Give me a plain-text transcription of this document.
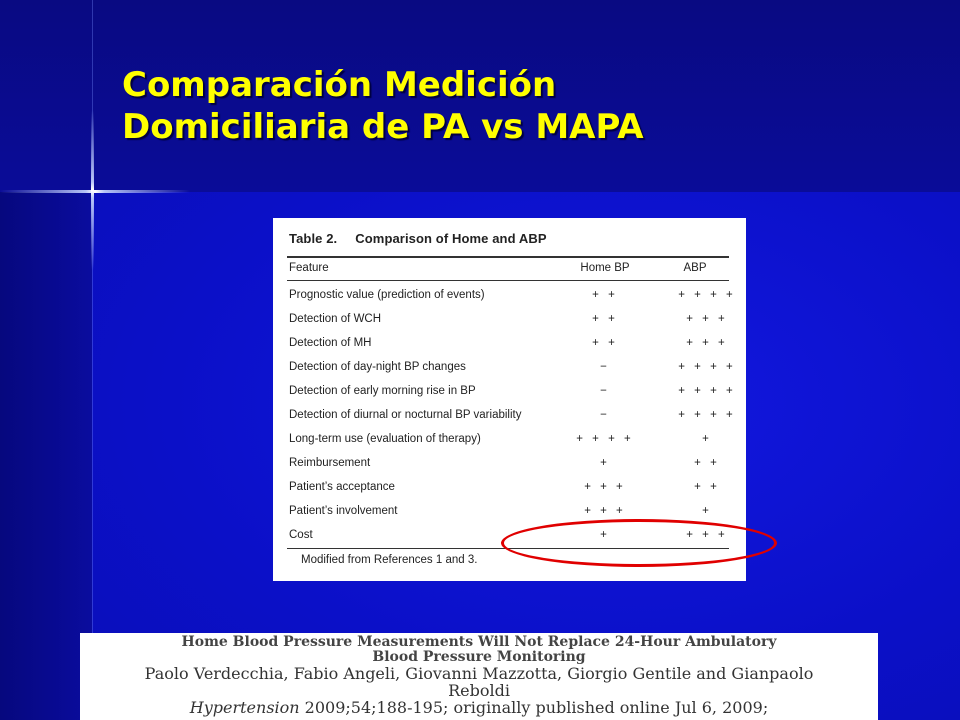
Comparación Medición
Domiciliaria de PA vs MAPA
Table 2. Comparison of Home and ABP
Feature	Home BP	ABP
Prognostic value (prediction of events)	+ +	+ + + +
Detection of WCH	+ +	+ + +
Detection of MH	+ +	+ + +
Detection of day-night BP changes	−	+ + + +
Detection of early morning rise in BP	−	+ + + +
Detection of diurnal or nocturnal BP variability	−	+ + + +
Long-term use (evaluation of therapy)	+ + + +	+
Reimbursement	+	+ +
Patient’s acceptance	+ + +	+ +
Patient’s involvement	+ + +	+
Cost	+	+ + +
Modified from References 1 and 3.
Home Blood Pressure Measurements Will Not Replace 24-Hour Ambulatory
Blood Pressure Monitoring
Paolo Verdecchia, Fabio Angeli, Giovanni Mazzotta, Giorgio Gentile and Gianpaolo
Reboldi
Hypertension 2009;54;188-195; originally published online Jul 6, 2009;
